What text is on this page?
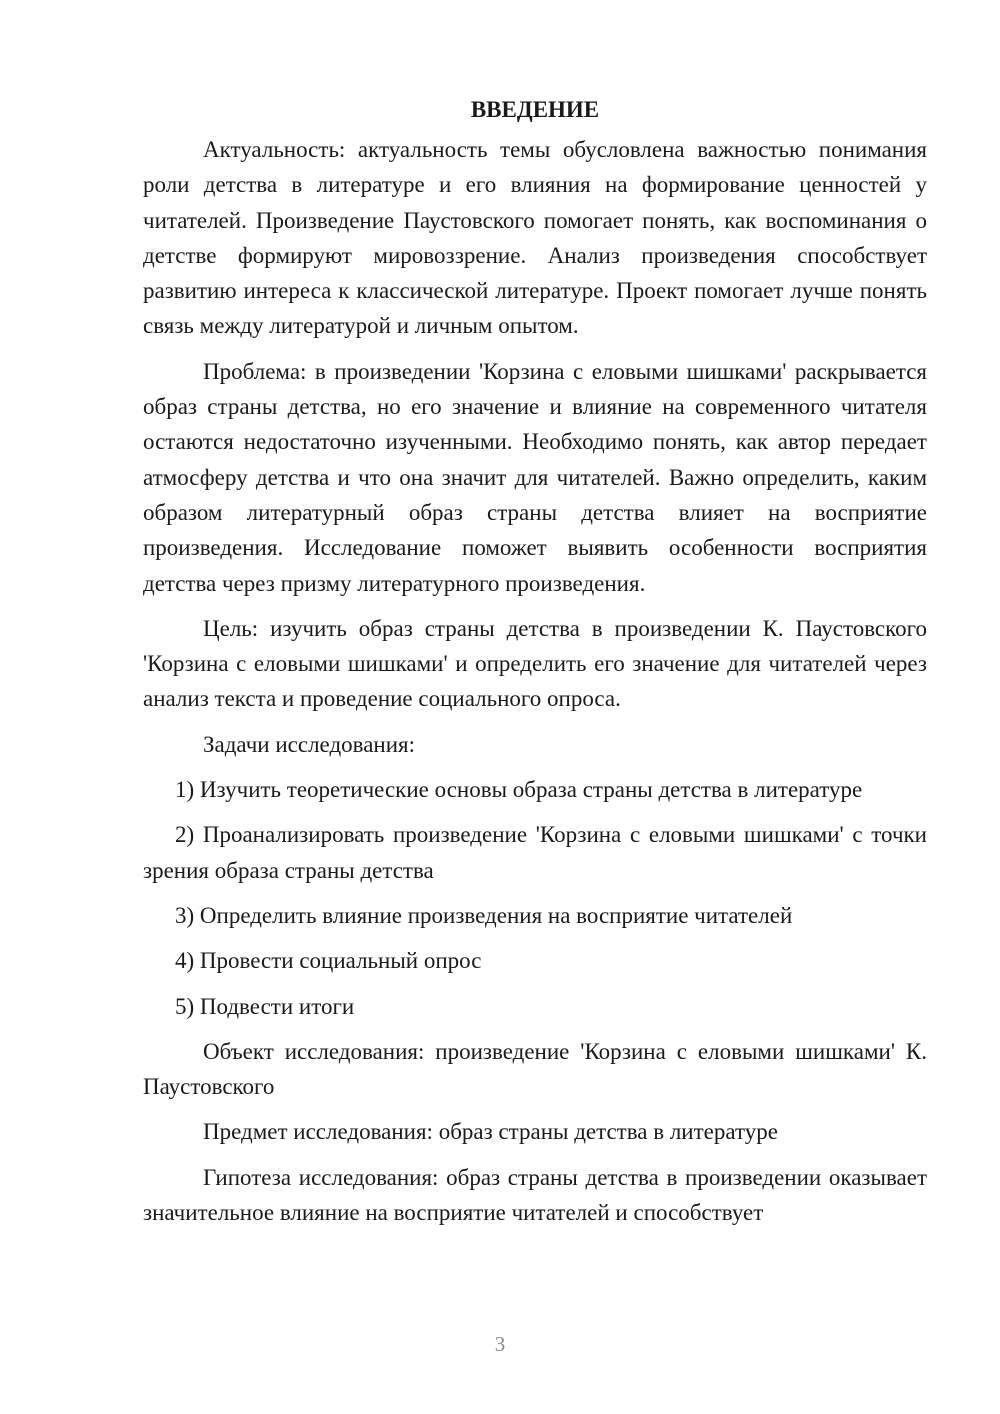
ВВЕДЕНИЕ

Актуальность: актуальность темы обусловлена важностью понимания роли детства в литературе и его влияния на формирование ценностей у читателей. Произведение Паустовского помогает понять, как воспоминания о детстве формируют мировоззрение. Анализ произведения способствует развитию интереса к классической литературе. Проект помогает лучше понять связь между литературой и личным опытом.

Проблема: в произведении 'Корзина с еловыми шишками' раскрывается образ страны детства, но его значение и влияние на современного читателя остаются недостаточно изученными. Необходимо понять, как автор передает атмосферу детства и что она значит для читателей. Важно определить, каким образом литературный образ страны детства влияет на восприятие произведения. Исследование поможет выявить особенности восприятия детства через призму литературного произведения.

Цель: изучить образ страны детства в произведении К. Паустовского 'Корзина с еловыми шишками' и определить его значение для читателей через анализ текста и проведение социального опроса.

Задачи исследования:

1) Изучить теоретические основы образа страны детства в литературе

2) Проанализировать произведение 'Корзина с еловыми шишками' с точки зрения образа страны детства

3) Определить влияние произведения на восприятие читателей

4) Провести социальный опрос

5) Подвести итоги

Объект исследования: произведение 'Корзина с еловыми шишками' К. Паустовского

Предмет исследования: образ страны детства в литературе

Гипотеза исследования: образ страны детства в произведении оказывает значительное влияние на восприятие читателей и способствует

3
